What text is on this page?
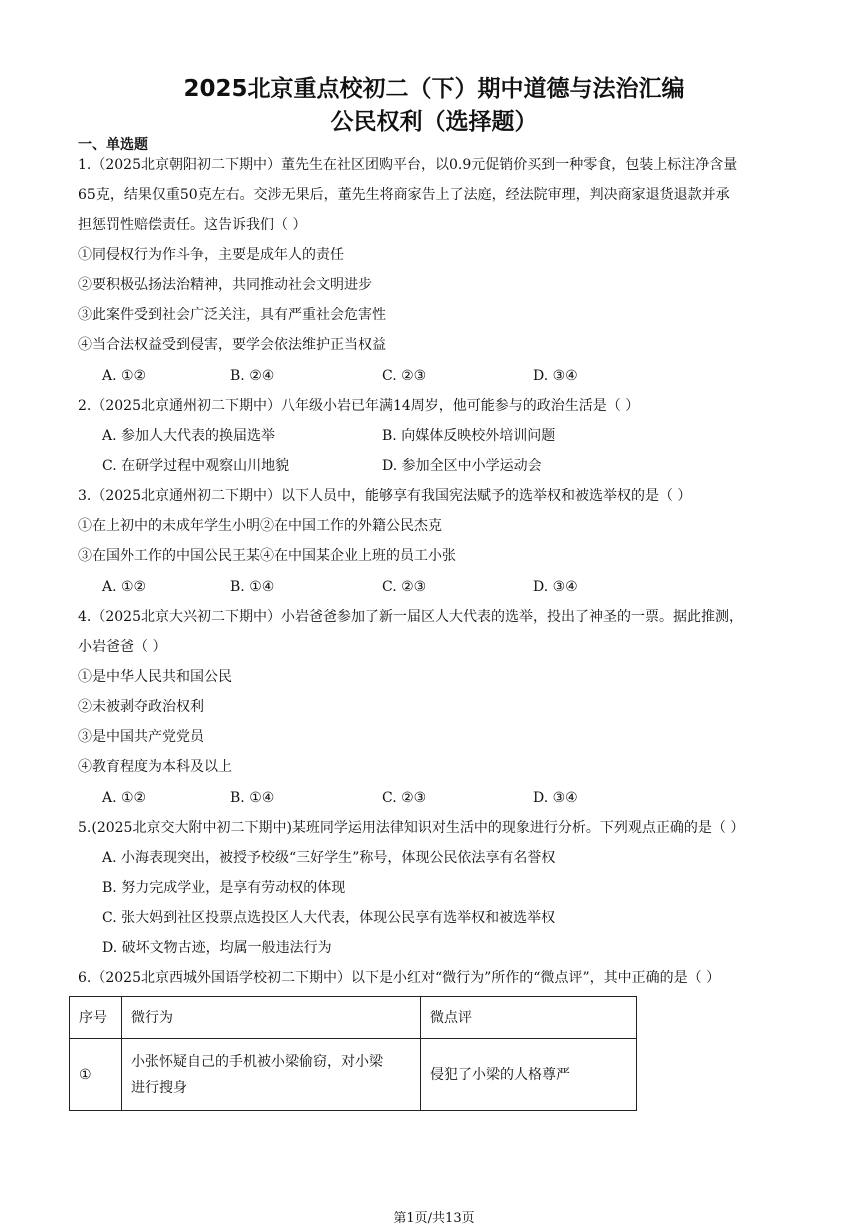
2025北京重点校初二（下）期中道德与法治汇编
公民权利（选择题）
一、单选题
1.（2025北京朝阳初二下期中）董先生在社区团购平台，以0.9元促销价买到一种零食，包装上标注净含量
65克，结果仅重50克左右。交涉无果后，董先生将商家告上了法庭，经法院审理，判决商家退货退款并承
担惩罚性赔偿责任。这告诉我们（ ）
①同侵权行为作斗争，主要是成年人的责任
②要积极弘扬法治精神，共同推动社会文明进步
③此案件受到社会广泛关注，具有严重社会危害性
④当合法权益受到侵害，要学会依法维护正当权益
A. ①②	B. ②④	C. ②③	D. ③④
2.（2025北京通州初二下期中）八年级小岩已年满14周岁，他可能参与的政治生活是（ ）
A. 参加人大代表的换届选举	B. 向媒体反映校外培训问题
C. 在研学过程中观察山川地貌	D. 参加全区中小学运动会
3.（2025北京通州初二下期中）以下人员中，能够享有我国宪法赋予的选举权和被选举权的是（ ）
①在上初中的未成年学生小明②在中国工作的外籍公民杰克
③在国外工作的中国公民王某④在中国某企业上班的员工小张
A. ①②	B. ①④	C. ②③	D. ③④
4.（2025北京大兴初二下期中）小岩爸爸参加了新一届区人大代表的选举，投出了神圣的一票。据此推测，
小岩爸爸（ ）
①是中华人民共和国公民
②未被剥夺政治权利
③是中国共产党党员
④教育程度为本科及以上
A. ①②	B. ①④	C. ②③	D. ③④
5.(2025北京交大附中初二下期中)某班同学运用法律知识对生活中的现象进行分析。下列观点正确的是（ ）
A. 小海表现突出，被授予校级“三好学生”称号，体现公民依法享有名誉权
B. 努力完成学业，是享有劳动权的体现
C. 张大妈到社区投票点选投区人大代表，体现公民享有选举权和被选举权
D. 破坏文物古迹，均属一般违法行为
6.（2025北京西城外国语学校初二下期中）以下是小红对“微行为”所作的“微点评”，其中正确的是（ ）
序号	微行为	微点评
①	小张怀疑自己的手机被小梁偷窃，对小梁
进行搜身	侵犯了小梁的人格尊严
第1页/共13页
